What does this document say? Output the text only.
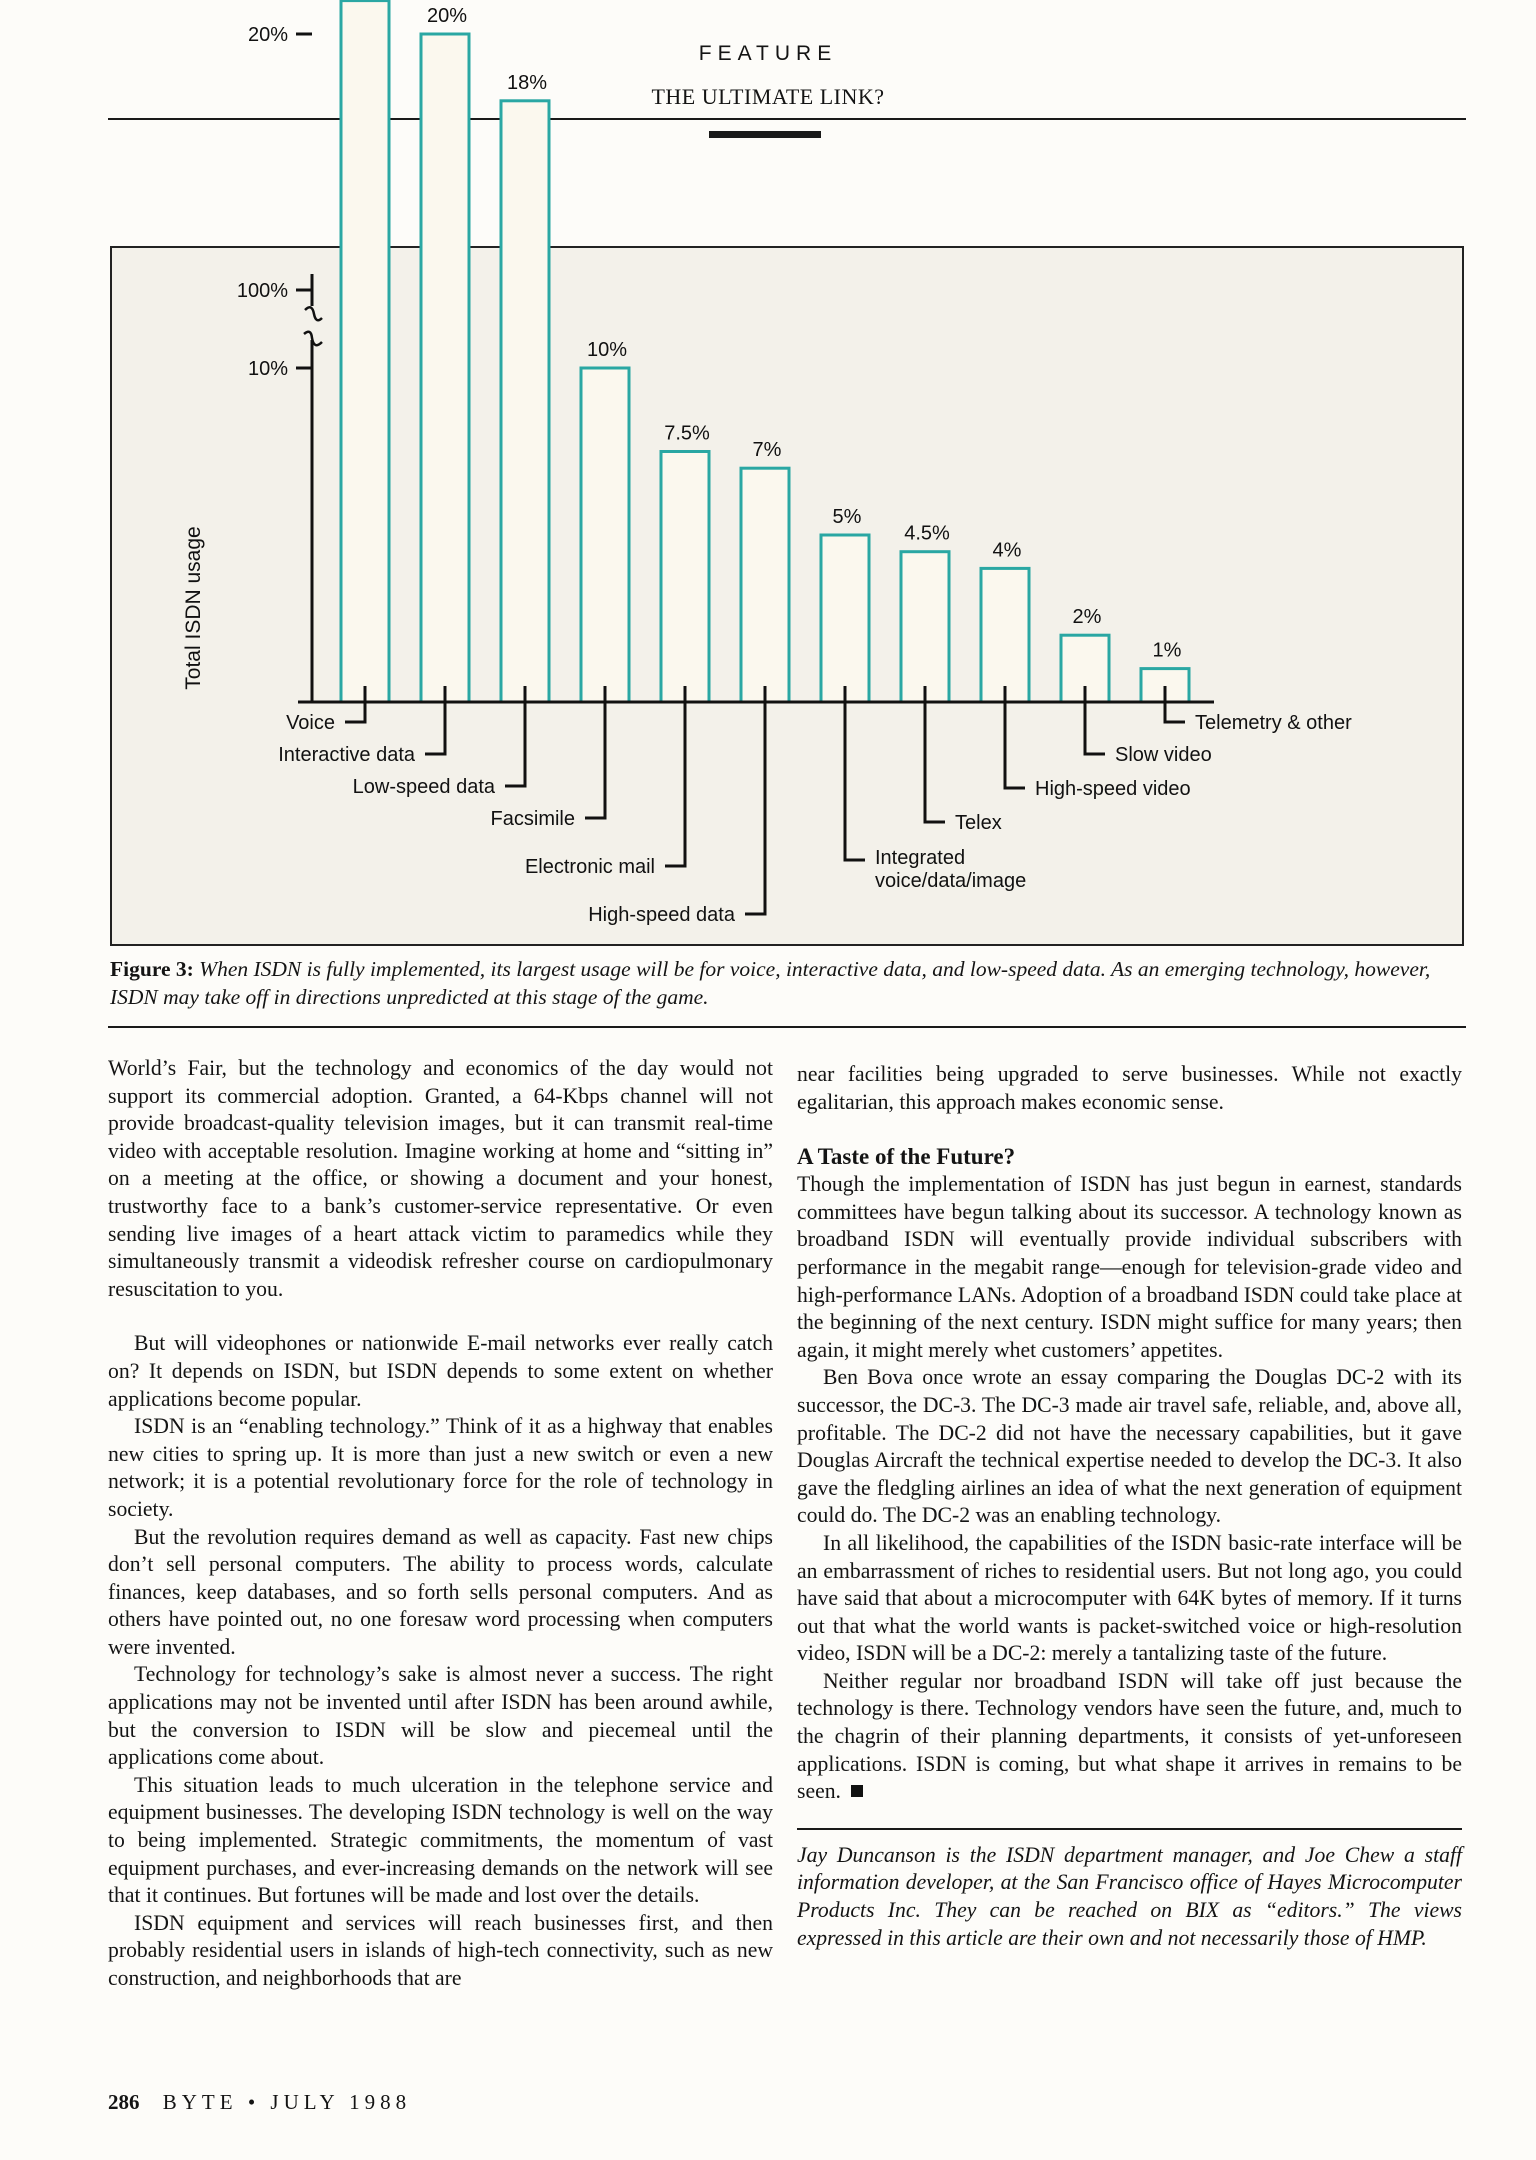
FEATURE
THE ULTIMATE LINK?
Total ISDN usage
100%
20%
10%
20%
18%
10%
7.5%
7%
5%
4.5%
4%
2%
1%
Voice
Interactive data
Low-speed data
Facsimile
Electronic mail
High-speed data
Integrated
voice/data/image
Telex
High-speed video
Slow video
Telemetry & other
Figure 3: When ISDN is fully implemented, its largest usage will be for voice, interactive data, and low-speed data. As an emerging technology, however, ISDN may take off in directions unpredicted at this stage of the game.

World’s Fair, but the technology and economics of the day would not support its commercial adoption. Granted, a 64-Kbps channel will not provide broadcast-quality television images, but it can transmit real-time video with acceptable resolution. Imagine working at home and “sitting in” on a meeting at the office, or showing a document and your honest, trustworthy face to a bank’s customer-service representative. Or even sending live images of a heart attack victim to paramedics while they simultaneously transmit a videodisk refresher course on cardiopulmonary resuscitation to you.

But will videophones or nationwide E-mail networks ever really catch on? It depends on ISDN, but ISDN depends to some extent on whether applications become popular.

ISDN is an “enabling technology.” Think of it as a highway that enables new cities to spring up. It is more than just a new switch or even a new network; it is a potential revolutionary force for the role of technology in society.

But the revolution requires demand as well as capacity. Fast new chips don’t sell personal computers. The ability to process words, calculate finances, keep databases, and so forth sells personal computers. And as others have pointed out, no one foresaw word processing when computers were invented.

Technology for technology’s sake is almost never a success. The right applications may not be invented until after ISDN has been around awhile, but the conversion to ISDN will be slow and piecemeal until the applications come about.

This situation leads to much ulceration in the telephone service and equipment businesses. The developing ISDN technology is well on the way to being implemented. Strategic commitments, the momentum of vast equipment purchases, and ever-increasing demands on the network will see that it continues. But fortunes will be made and lost over the details.

ISDN equipment and services will reach businesses first, and then probably residential users in islands of high-tech connectivity, such as new construction, and neighborhoods that are

near facilities being upgraded to serve businesses. While not exactly egalitarian, this approach makes economic sense.

A Taste of the Future?

Though the implementation of ISDN has just begun in earnest, standards committees have begun talking about its successor. A technology known as broadband ISDN will eventually provide individual subscribers with performance in the megabit range—enough for television-grade video and high-performance LANs. Adoption of a broadband ISDN could take place at the beginning of the next century. ISDN might suffice for many years; then again, it might merely whet customers’ appetites.

Ben Bova once wrote an essay comparing the Douglas DC-2 with its successor, the DC-3. The DC-3 made air travel safe, reliable, and, above all, profitable. The DC-2 did not have the necessary capabilities, but it gave Douglas Aircraft the technical expertise needed to develop the DC-3. It also gave the fledgling airlines an idea of what the next generation of equipment could do. The DC-2 was an enabling technology.

In all likelihood, the capabilities of the ISDN basic-rate interface will be an embarrassment of riches to residential users. But not long ago, you could have said that about a microcomputer with 64K bytes of memory. If it turns out that what the world wants is packet-switched voice or high-resolution video, ISDN will be a DC-2: merely a tantalizing taste of the future.

Neither regular nor broadband ISDN will take off just because the technology is there. Technology vendors have seen the future, and, much to the chagrin of their planning departments, it consists of yet-unforeseen applications. ISDN is coming, but what shape it arrives in remains to be seen.

Jay Duncanson is the ISDN department manager, and Joe Chew a staff information developer, at the San Francisco office of Hayes Microcomputer Products Inc. They can be reached on BIX as “editors.” The views expressed in this article are their own and not necessarily those of HMP.

286 BYTE • JULY 1988
